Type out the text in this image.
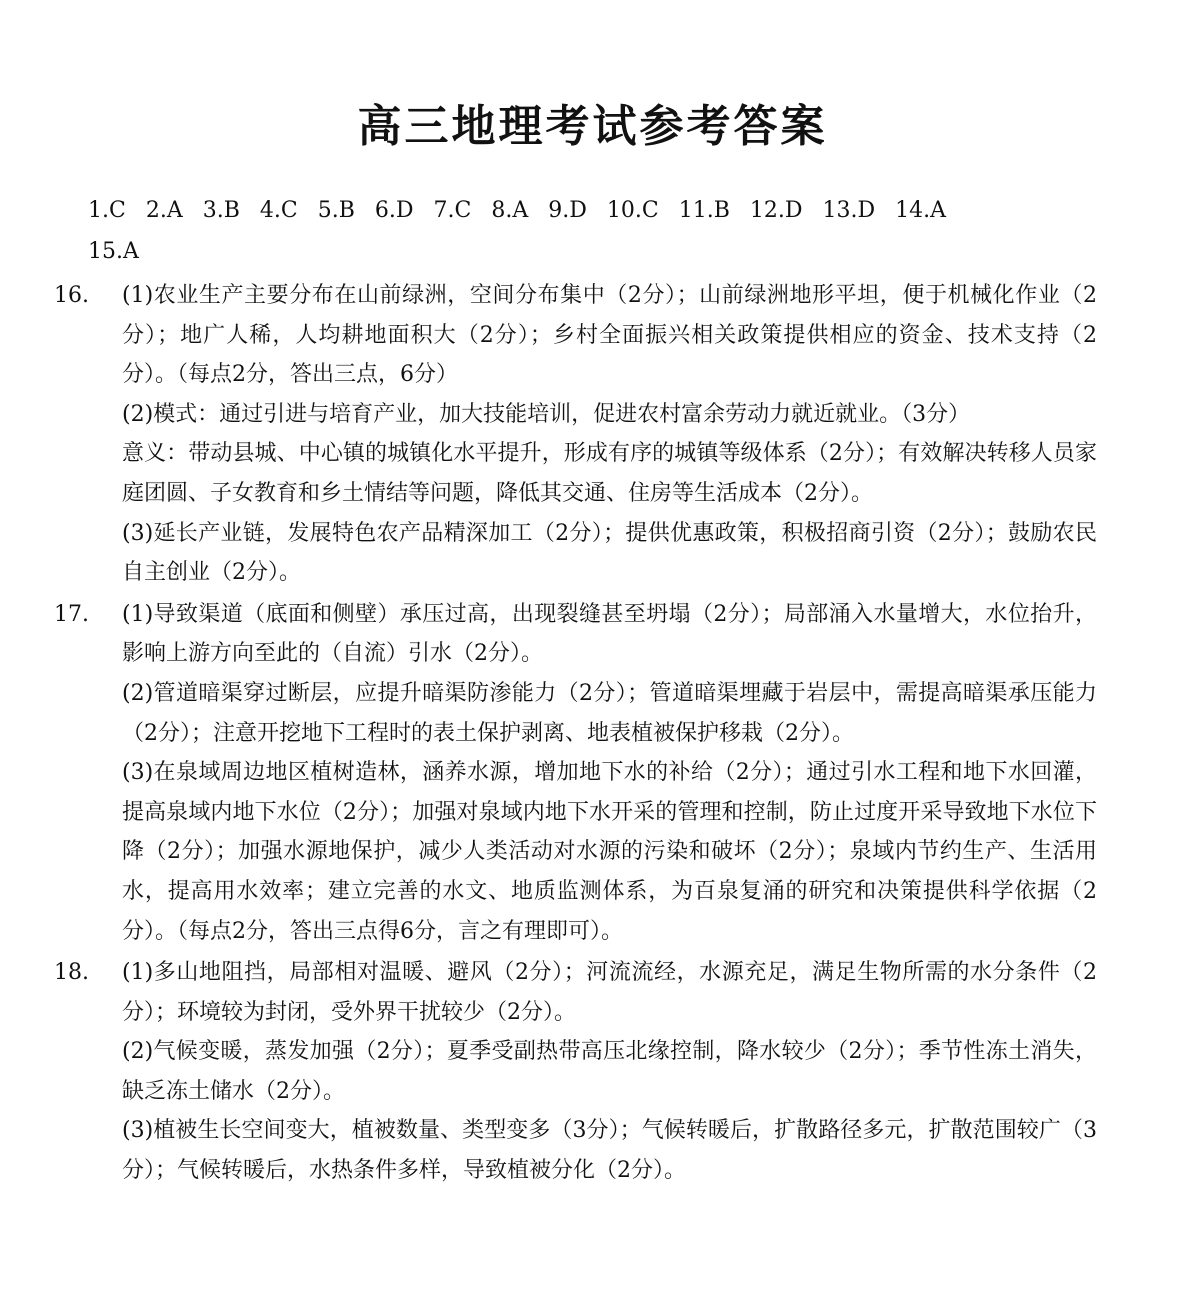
高三地理考试参考答案
1.C 2.A 3.B 4.C 5.B 6.D 7.C 8.A 9.D 10.C 11.B 12.D 13.D 14.A
15.A

16. (1)农业生产主要分布在山前绿洲，空间分布集中（2分）；山前绿洲地形平坦，便于机械化作业（2分）；地广人稀，人均耕地面积大（2分）；乡村全面振兴相关政策提供相应的资金、技术支持（2分）。（每点2分，答出三点，6分）

(2)模式：通过引进与培育产业，加大技能培训，促进农村富余劳动力就近就业。（3分）

意义：带动县城、中心镇的城镇化水平提升，形成有序的城镇等级体系（2分）；有效解决转移人员家庭团圆、子女教育和乡土情结等问题，降低其交通、住房等生活成本（2分）。

(3)延长产业链，发展特色农产品精深加工（2分）；提供优惠政策，积极招商引资（2分）；鼓励农民自主创业（2分）。

17. (1)导致渠道（底面和侧壁）承压过高，出现裂缝甚至坍塌（2分）；局部涌入水量增大，水位抬升，影响上游方向至此的（自流）引水（2分）。

(2)管道暗渠穿过断层，应提升暗渠防渗能力（2分）；管道暗渠埋藏于岩层中，需提高暗渠承压能力（2分）；注意开挖地下工程时的表土保护剥离、地表植被保护移栽（2分）。

(3)在泉域周边地区植树造林，涵养水源，增加地下水的补给（2分）；通过引水工程和地下水回灌，提高泉域内地下水位（2分）；加强对泉域内地下水开采的管理和控制，防止过度开采导致地下水位下降（2分）；加强水源地保护，减少人类活动对水源的污染和破坏（2分）；泉域内节约生产、生活用水，提高用水效率；建立完善的水文、地质监测体系，为百泉复涌的研究和决策提供科学依据（2分）。（每点2分，答出三点得6分，言之有理即可）。

18. (1)多山地阻挡，局部相对温暖、避风（2分）；河流流经，水源充足，满足生物所需的水分条件（2分）；环境较为封闭，受外界干扰较少（2分）。

(2)气候变暖，蒸发加强（2分）；夏季受副热带高压北缘控制，降水较少（2分）；季节性冻土消失，缺乏冻土储水（2分）。

(3)植被生长空间变大，植被数量、类型变多（3分）；气候转暖后，扩散路径多元，扩散范围较广（3分）；气候转暖后，水热条件多样，导致植被分化（2分）。
